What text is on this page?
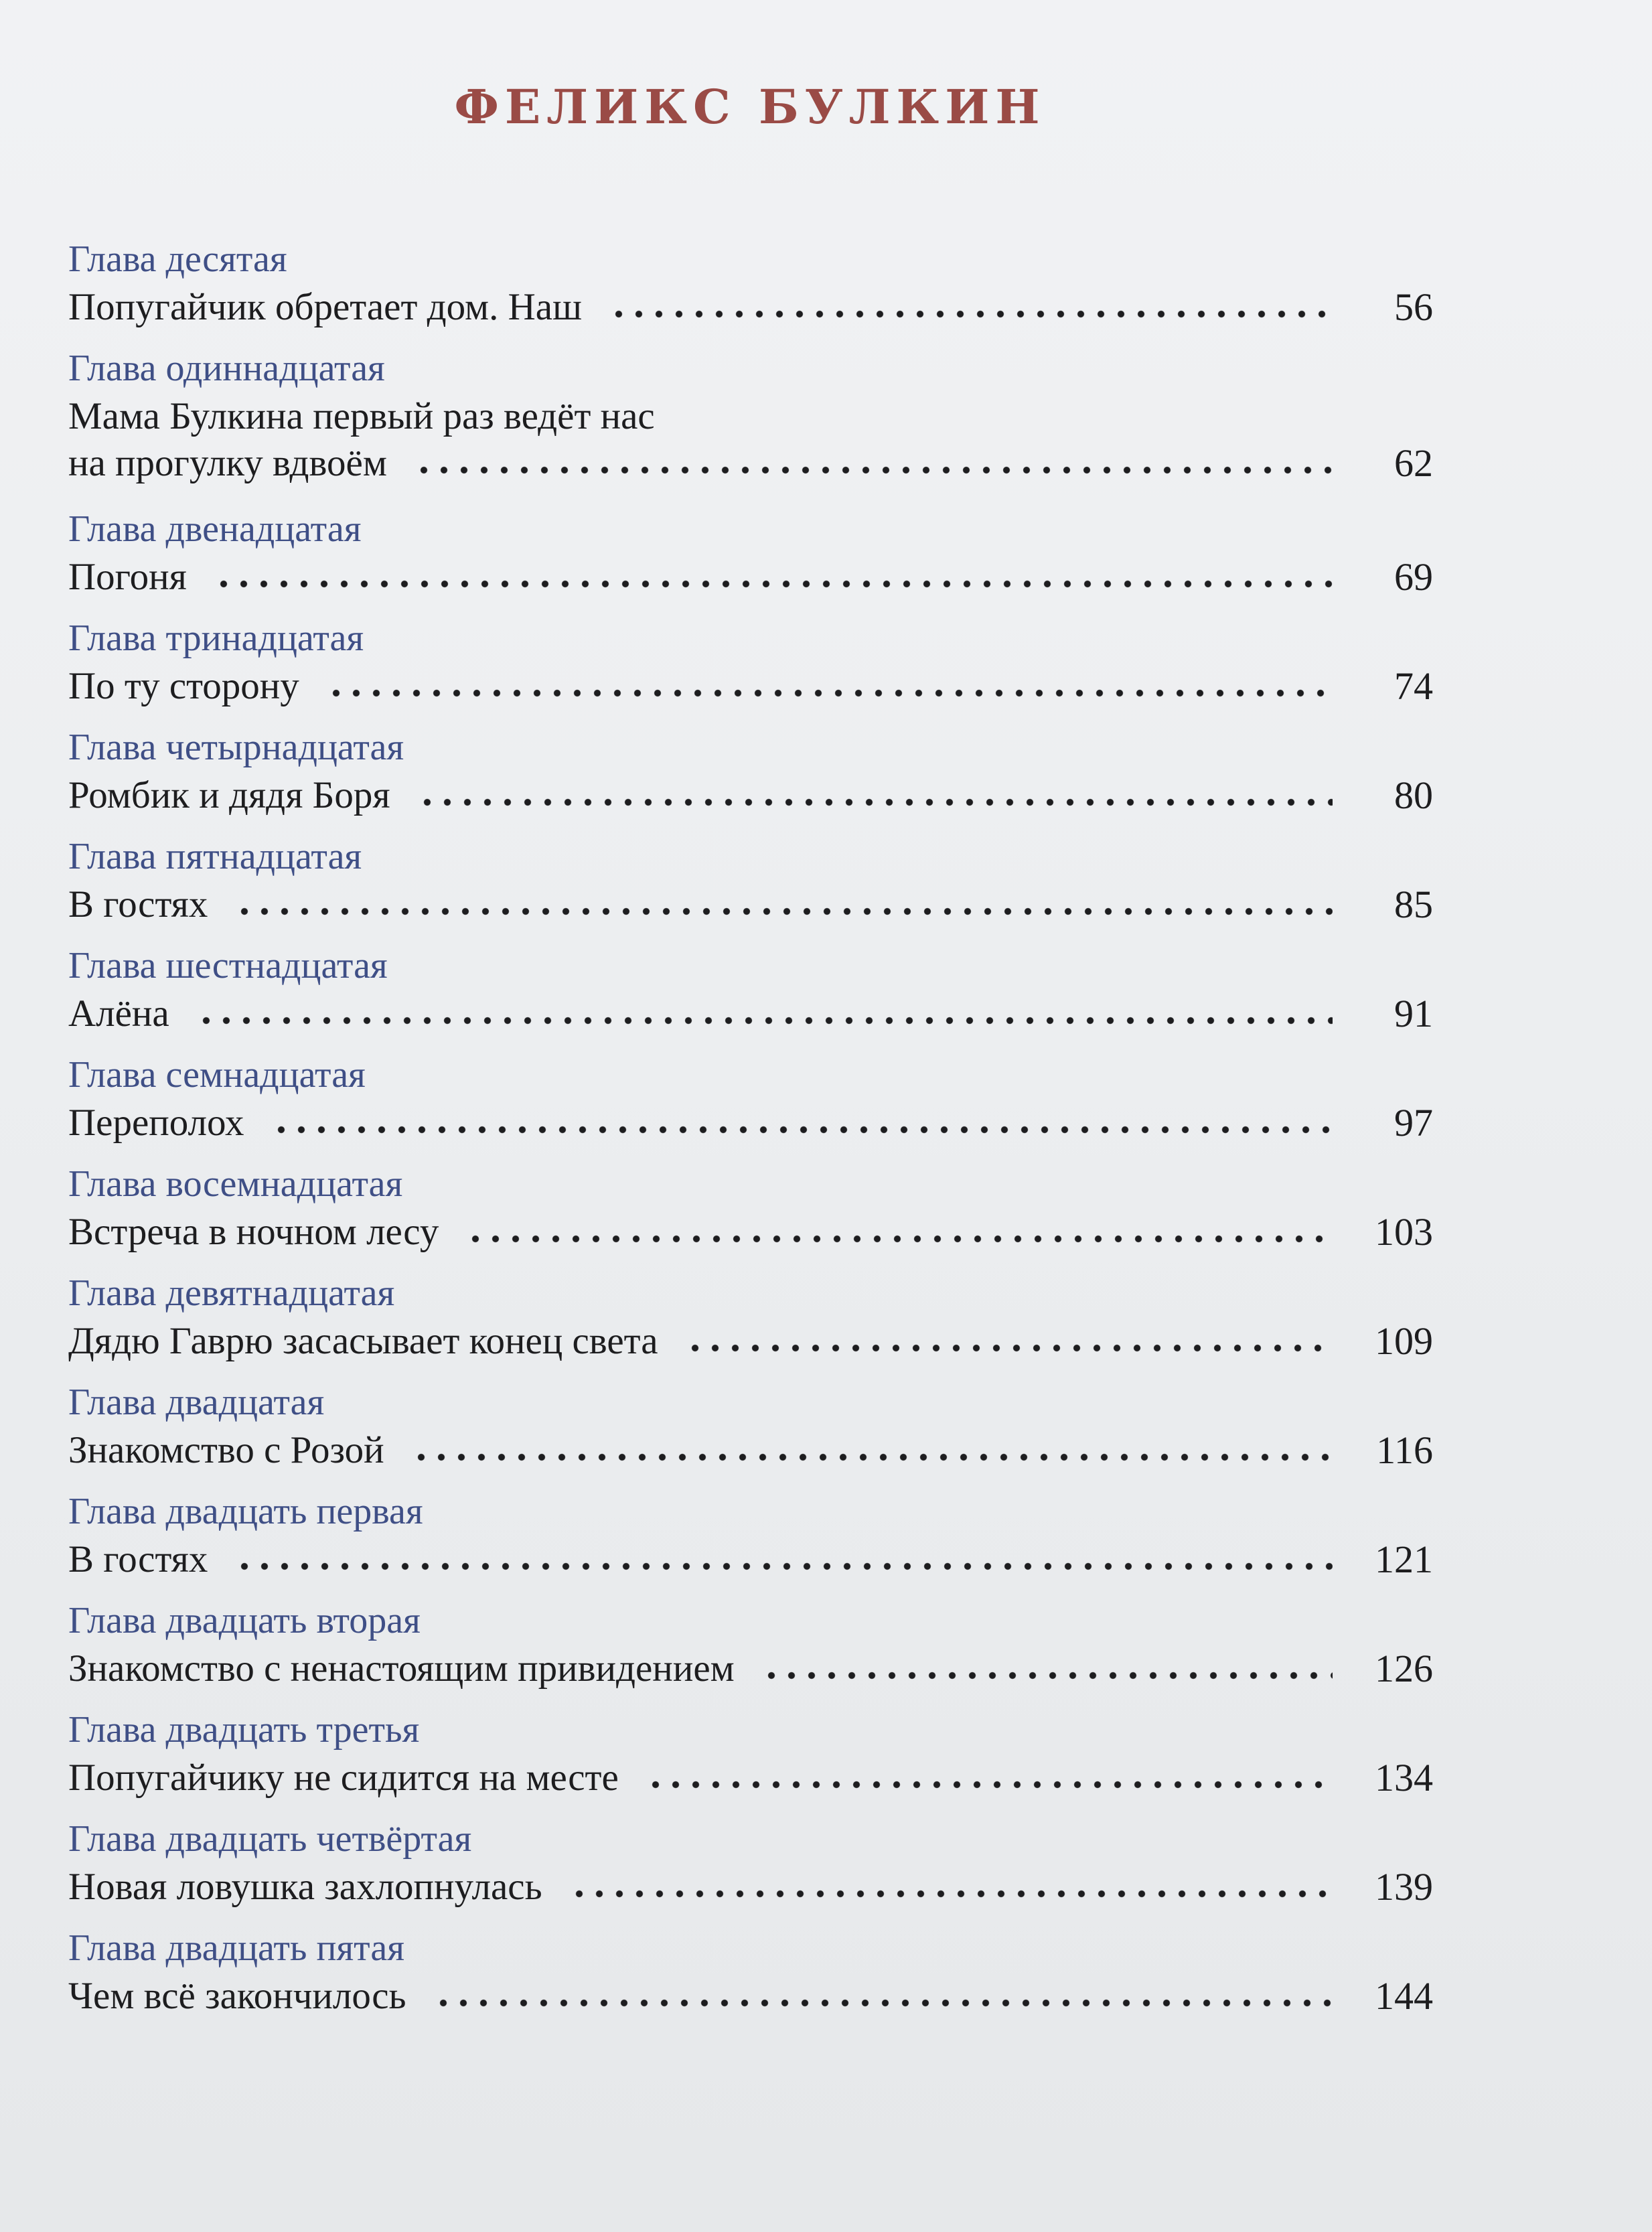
ФЕЛИКС БУЛКИН
Глава десятая
Попугайчик обретает дом. Наш	56
Глава одиннадцатая
Мама Булкина первый раз ведёт нас
на прогулку вдвоём	62
Глава двенадцатая
Погоня	69
Глава тринадцатая
По ту сторону	74
Глава четырнадцатая
Ромбик и дядя Боря	80
Глава пятнадцатая
В гостях	85
Глава шестнадцатая
Алёна	91
Глава семнадцатая
Переполох	97
Глава восемнадцатая
Встреча в ночном лесу	103
Глава девятнадцатая
Дядю Гаврю засасывает конец света	109
Глава двадцатая
Знакомство с Розой	116
Глава двадцать первая
В гостях	121
Глава двадцать вторая
Знакомство с ненастоящим привидением	126
Глава двадцать третья
Попугайчику не сидится на месте	134
Глава двадцать четвёртая
Новая ловушка захлопнулась	139
Глава двадцать пятая
Чем всё закончилось	144
